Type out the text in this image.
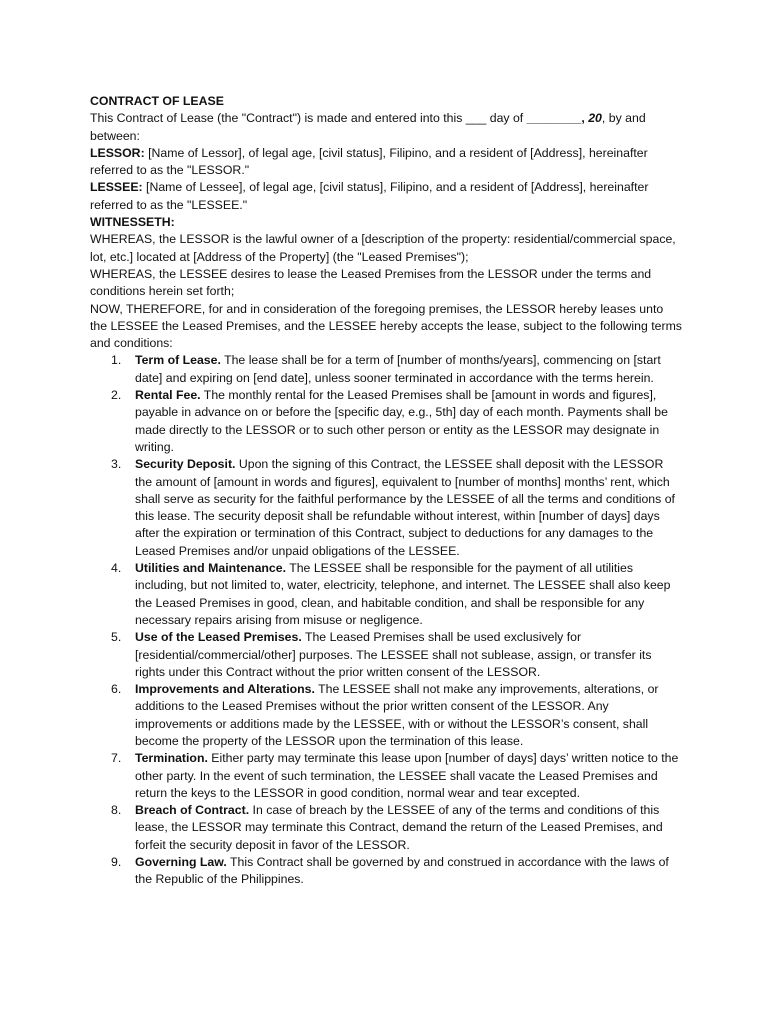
CONTRACT OF LEASE

This Contract of Lease (the "Contract") is made and entered into this ___ day of ________, 20, by and between:

LESSOR: [Name of Lessor], of legal age, [civil status], Filipino, and a resident of [Address], hereinafter referred to as the "LESSOR."

LESSEE: [Name of Lessee], of legal age, [civil status], Filipino, and a resident of [Address], hereinafter referred to as the "LESSEE."

WITNESSETH:

WHEREAS, the LESSOR is the lawful owner of a [description of the property: residential/commercial space, lot, etc.] located at [Address of the Property] (the "Leased Premises");

WHEREAS, the LESSEE desires to lease the Leased Premises from the LESSOR under the terms and conditions herein set forth;

NOW, THEREFORE, for and in consideration of the foregoing premises, the LESSOR hereby leases unto the LESSEE the Leased Premises, and the LESSEE hereby accepts the lease, subject to the following terms and conditions:

1.	Term of Lease. The lease shall be for a term of [number of months/years], commencing on [start date] and expiring on [end date], unless sooner terminated in accordance with the terms herein.
2.	Rental Fee. The monthly rental for the Leased Premises shall be [amount in words and figures], payable in advance on or before the [specific day, e.g., 5th] day of each month. Payments shall be made directly to the LESSOR or to such other person or entity as the LESSOR may designate in writing.
3.	Security Deposit. Upon the signing of this Contract, the LESSEE shall deposit with the LESSOR the amount of [amount in words and figures], equivalent to [number of months] months’ rent, which shall serve as security for the faithful performance by the LESSEE of all the terms and conditions of this lease. The security deposit shall be refundable without interest, within [number of days] days after the expiration or termination of this Contract, subject to deductions for any damages to the Leased Premises and/or unpaid obligations of the LESSEE.
4.	Utilities and Maintenance. The LESSEE shall be responsible for the payment of all utilities including, but not limited to, water, electricity, telephone, and internet. The LESSEE shall also keep the Leased Premises in good, clean, and habitable condition, and shall be responsible for any necessary repairs arising from misuse or negligence.
5.	Use of the Leased Premises. The Leased Premises shall be used exclusively for [residential/commercial/other] purposes. The LESSEE shall not sublease, assign, or transfer its rights under this Contract without the prior written consent of the LESSOR.
6.	Improvements and Alterations. The LESSEE shall not make any improvements, alterations, or additions to the Leased Premises without the prior written consent of the LESSOR. Any improvements or additions made by the LESSEE, with or without the LESSOR’s consent, shall become the property of the LESSOR upon the termination of this lease.
7.	Termination. Either party may terminate this lease upon [number of days] days’ written notice to the other party. In the event of such termination, the LESSEE shall vacate the Leased Premises and return the keys to the LESSOR in good condition, normal wear and tear excepted.
8.	Breach of Contract. In case of breach by the LESSEE of any of the terms and conditions of this lease, the LESSOR may terminate this Contract, demand the return of the Leased Premises, and forfeit the security deposit in favor of the LESSOR.
9.	Governing Law. This Contract shall be governed by and construed in accordance with the laws of the Republic of the Philippines.
